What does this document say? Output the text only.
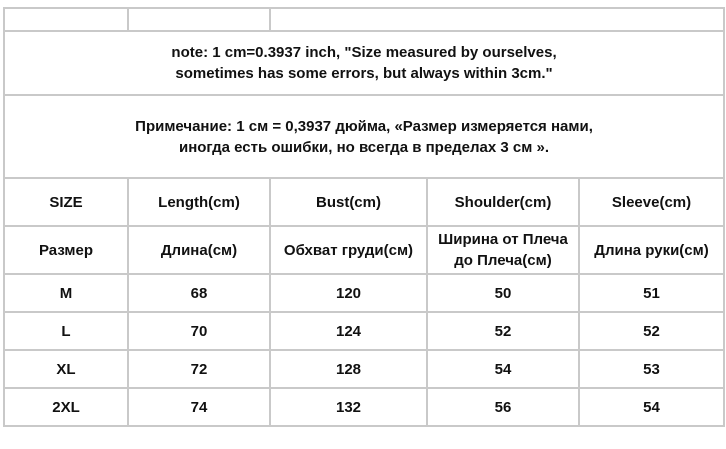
note: 1 cm=0.3937 inch, "Size measured by ourselves,
sometimes has some errors, but always within 3cm."				

Примечание: 1 см = 0,3937 дюйма, «Размер измеряется нами,
иногда есть ошибки, но всегда в пределах 3 см ».				

SIZE	Length(cm)	Bust(cm)	Shoulder(cm)	Sleeve(cm)
Размер	Длина(см)	Обхват груди(см)	Ширина от Плеча до Плеча(см)	Длина руки(см)
M	68	120	50	51
L	70	124	52	52
XL	72	128	54	53
2XL	74	132	56	54
